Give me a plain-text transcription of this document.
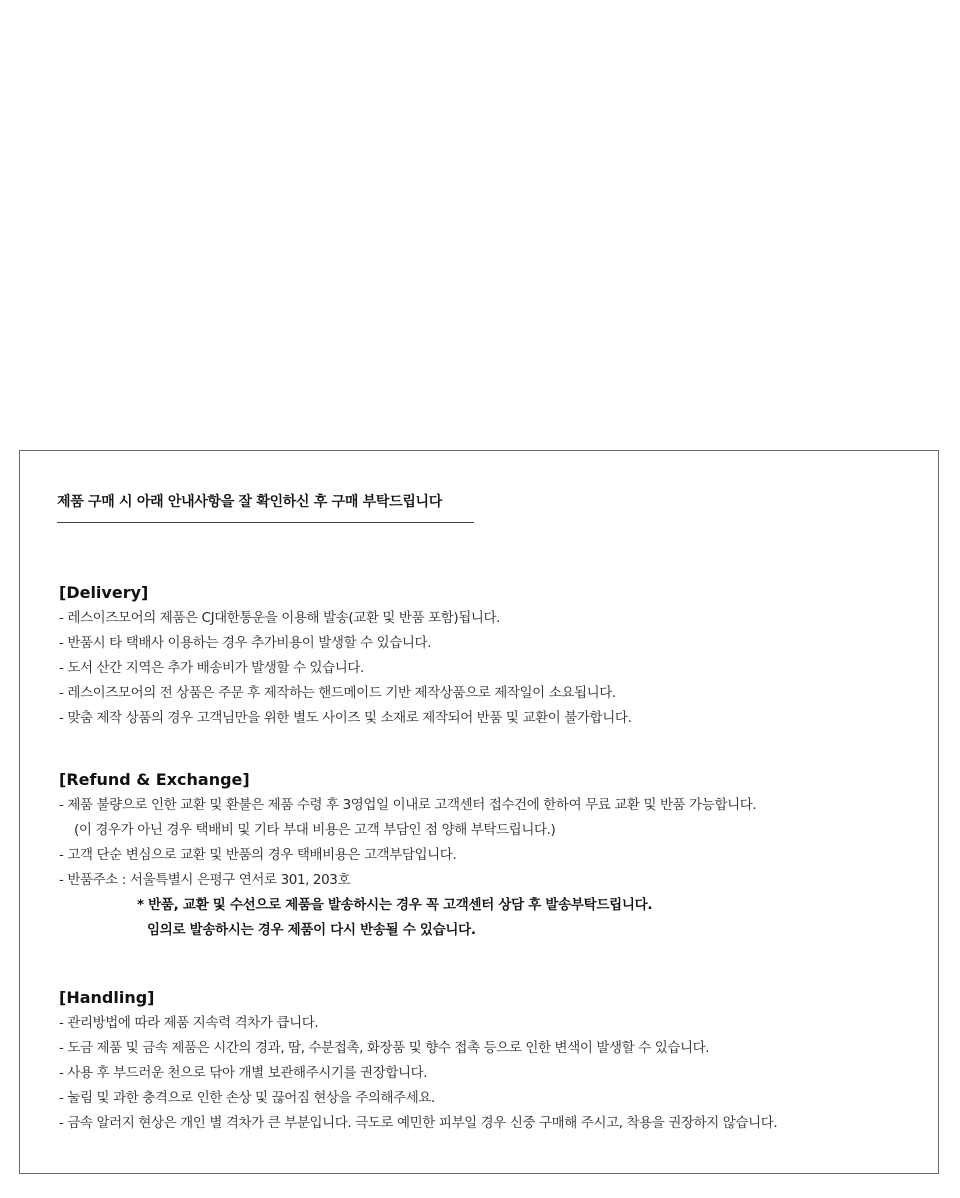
제품 구매 시 아래 안내사항을 잘 확인하신 후 구매 부탁드립니다
[Delivery]
- 레스이즈모어의 제품은 CJ대한통운을 이용해 발송(교환 및 반품 포함)됩니다.
- 반품시 타 택배사 이용하는 경우 추가비용이 발생할 수 있습니다.
- 도서 산간 지역은 추가 배송비가 발생할 수 있습니다.
- 레스이즈모어의 전 상품은 주문 후 제작하는 핸드메이드 기반 제작상품으로 제작일이 소요됩니다.
- 맞춤 제작 상품의 경우 고객님만을 위한 별도 사이즈 및 소재로 제작되어 반품 및 교환이 불가합니다.
[Refund & Exchange]
- 제품 불량으로 인한 교환 및 환불은 제품 수령 후 3영업일 이내로 고객센터 접수건에 한하여 무료 교환 및 반품 가능합니다.
(이 경우가 아닌 경우 택배비 및 기타 부대 비용은 고객 부담인 점 양해 부탁드립니다.)
- 고객 단순 변심으로 교환 및 반품의 경우 택배비용은 고객부담입니다.
- 반품주소 : 서울특별시 은평구 연서로 301, 203호
* 반품, 교환 및 수선으로 제품을 발송하시는 경우 꼭 고객센터 상담 후 발송부탁드립니다.
임의로 발송하시는 경우 제품이 다시 반송될 수 있습니다.
[Handling]
- 관리방법에 따라 제품 지속력 격차가 큽니다.
- 도금 제품 및 금속 제품은 시간의 경과, 땀, 수분접촉, 화장품 및 향수 접촉 등으로 인한 변색이 발생할 수 있습니다.
- 사용 후 부드러운 천으로 닦아 개별 보관해주시기를 권장합니다.
- 눌림 및 과한 충격으로 인한 손상 및 끊어짐 현상을 주의해주세요.
- 금속 알러지 현상은 개인 별 격차가 큰 부분입니다. 극도로 예민한 피부일 경우 신중 구매해 주시고, 착용을 권장하지 않습니다.
